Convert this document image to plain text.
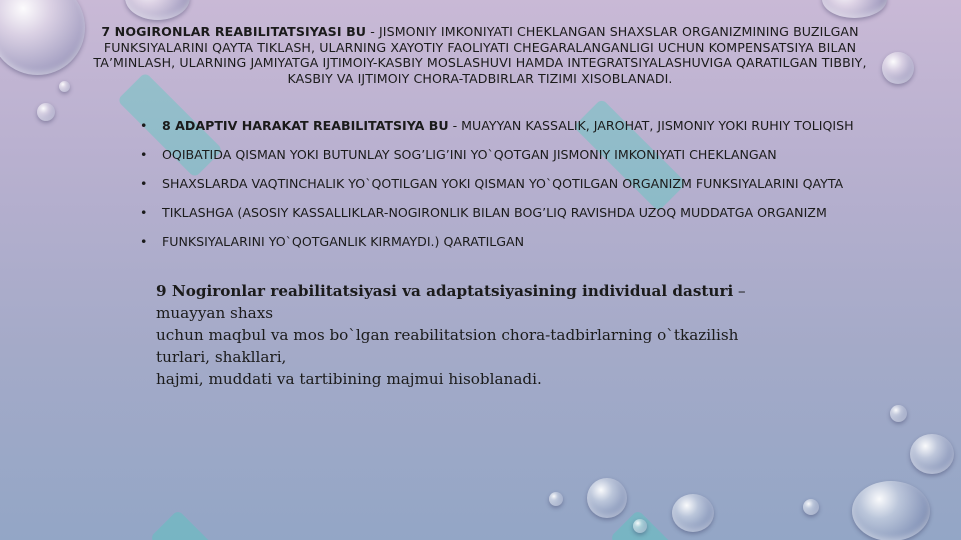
7 NOGIRONLAR REABILITATSIYASI BU - JISMONIY IMKONIYATI CHEKLANGAN SHAXSLAR ORGANIZMINING BUZILGAN FUNKSIYALARINI QAYTA TIKLASH, ULARNING XAYOTIY FAOLIYATI CHEGARALANGANLIGI UCHUN KOMPENSATSIYA BILAN TA’MINLASH, ULARNING JAMIYATGA IJTIMOIY-KASBIY MOSLASHUVI HAMDA INTEGRATSIYALASHUVIGA QARATILGAN TIBBIY, KASBIY VA IJTIMOIY CHORA-TADBIRLAR TIZIMI XISOBLANADI.
•	8 ADAPTIV HARAKAT REABILITATSIYA BU - MUAYYAN KASSALIK, JAROHAT, JISMONIY YOKI RUHIY TOLIQISH
•	OQIBATIDA QISMAN YOKI BUTUNLAY SOG’LIG’INI YO`QOTGAN JISMONIY IMKONIYATI CHEKLANGAN
•	SHAXSLARDA VAQTINCHALIK YO`QOTILGAN YOKI QISMAN YO`QOTILGAN ORGANIZM FUNKSIYALARINI QAYTA
•	TIKLASHGA (ASOSIY KASSALLIKLAR-NOGIRONLIK BILAN BOG’LIQ RAVISHDA UZOQ MUDDATGA ORGANIZM
•	FUNKSIYALARINI YO`QOTGANLIK KIRMAYDI.) QARATILGAN
9 Nogironlar reabilitatsiyasi va adaptatsiyasining individual dasturi –
muayyan shaxs
uchun maqbul va mos bo`lgan reabilitatsion chora-tadbirlarning o`tkazilish
turlari, shakllari,
hajmi, muddati va tartibining majmui hisoblanadi.
